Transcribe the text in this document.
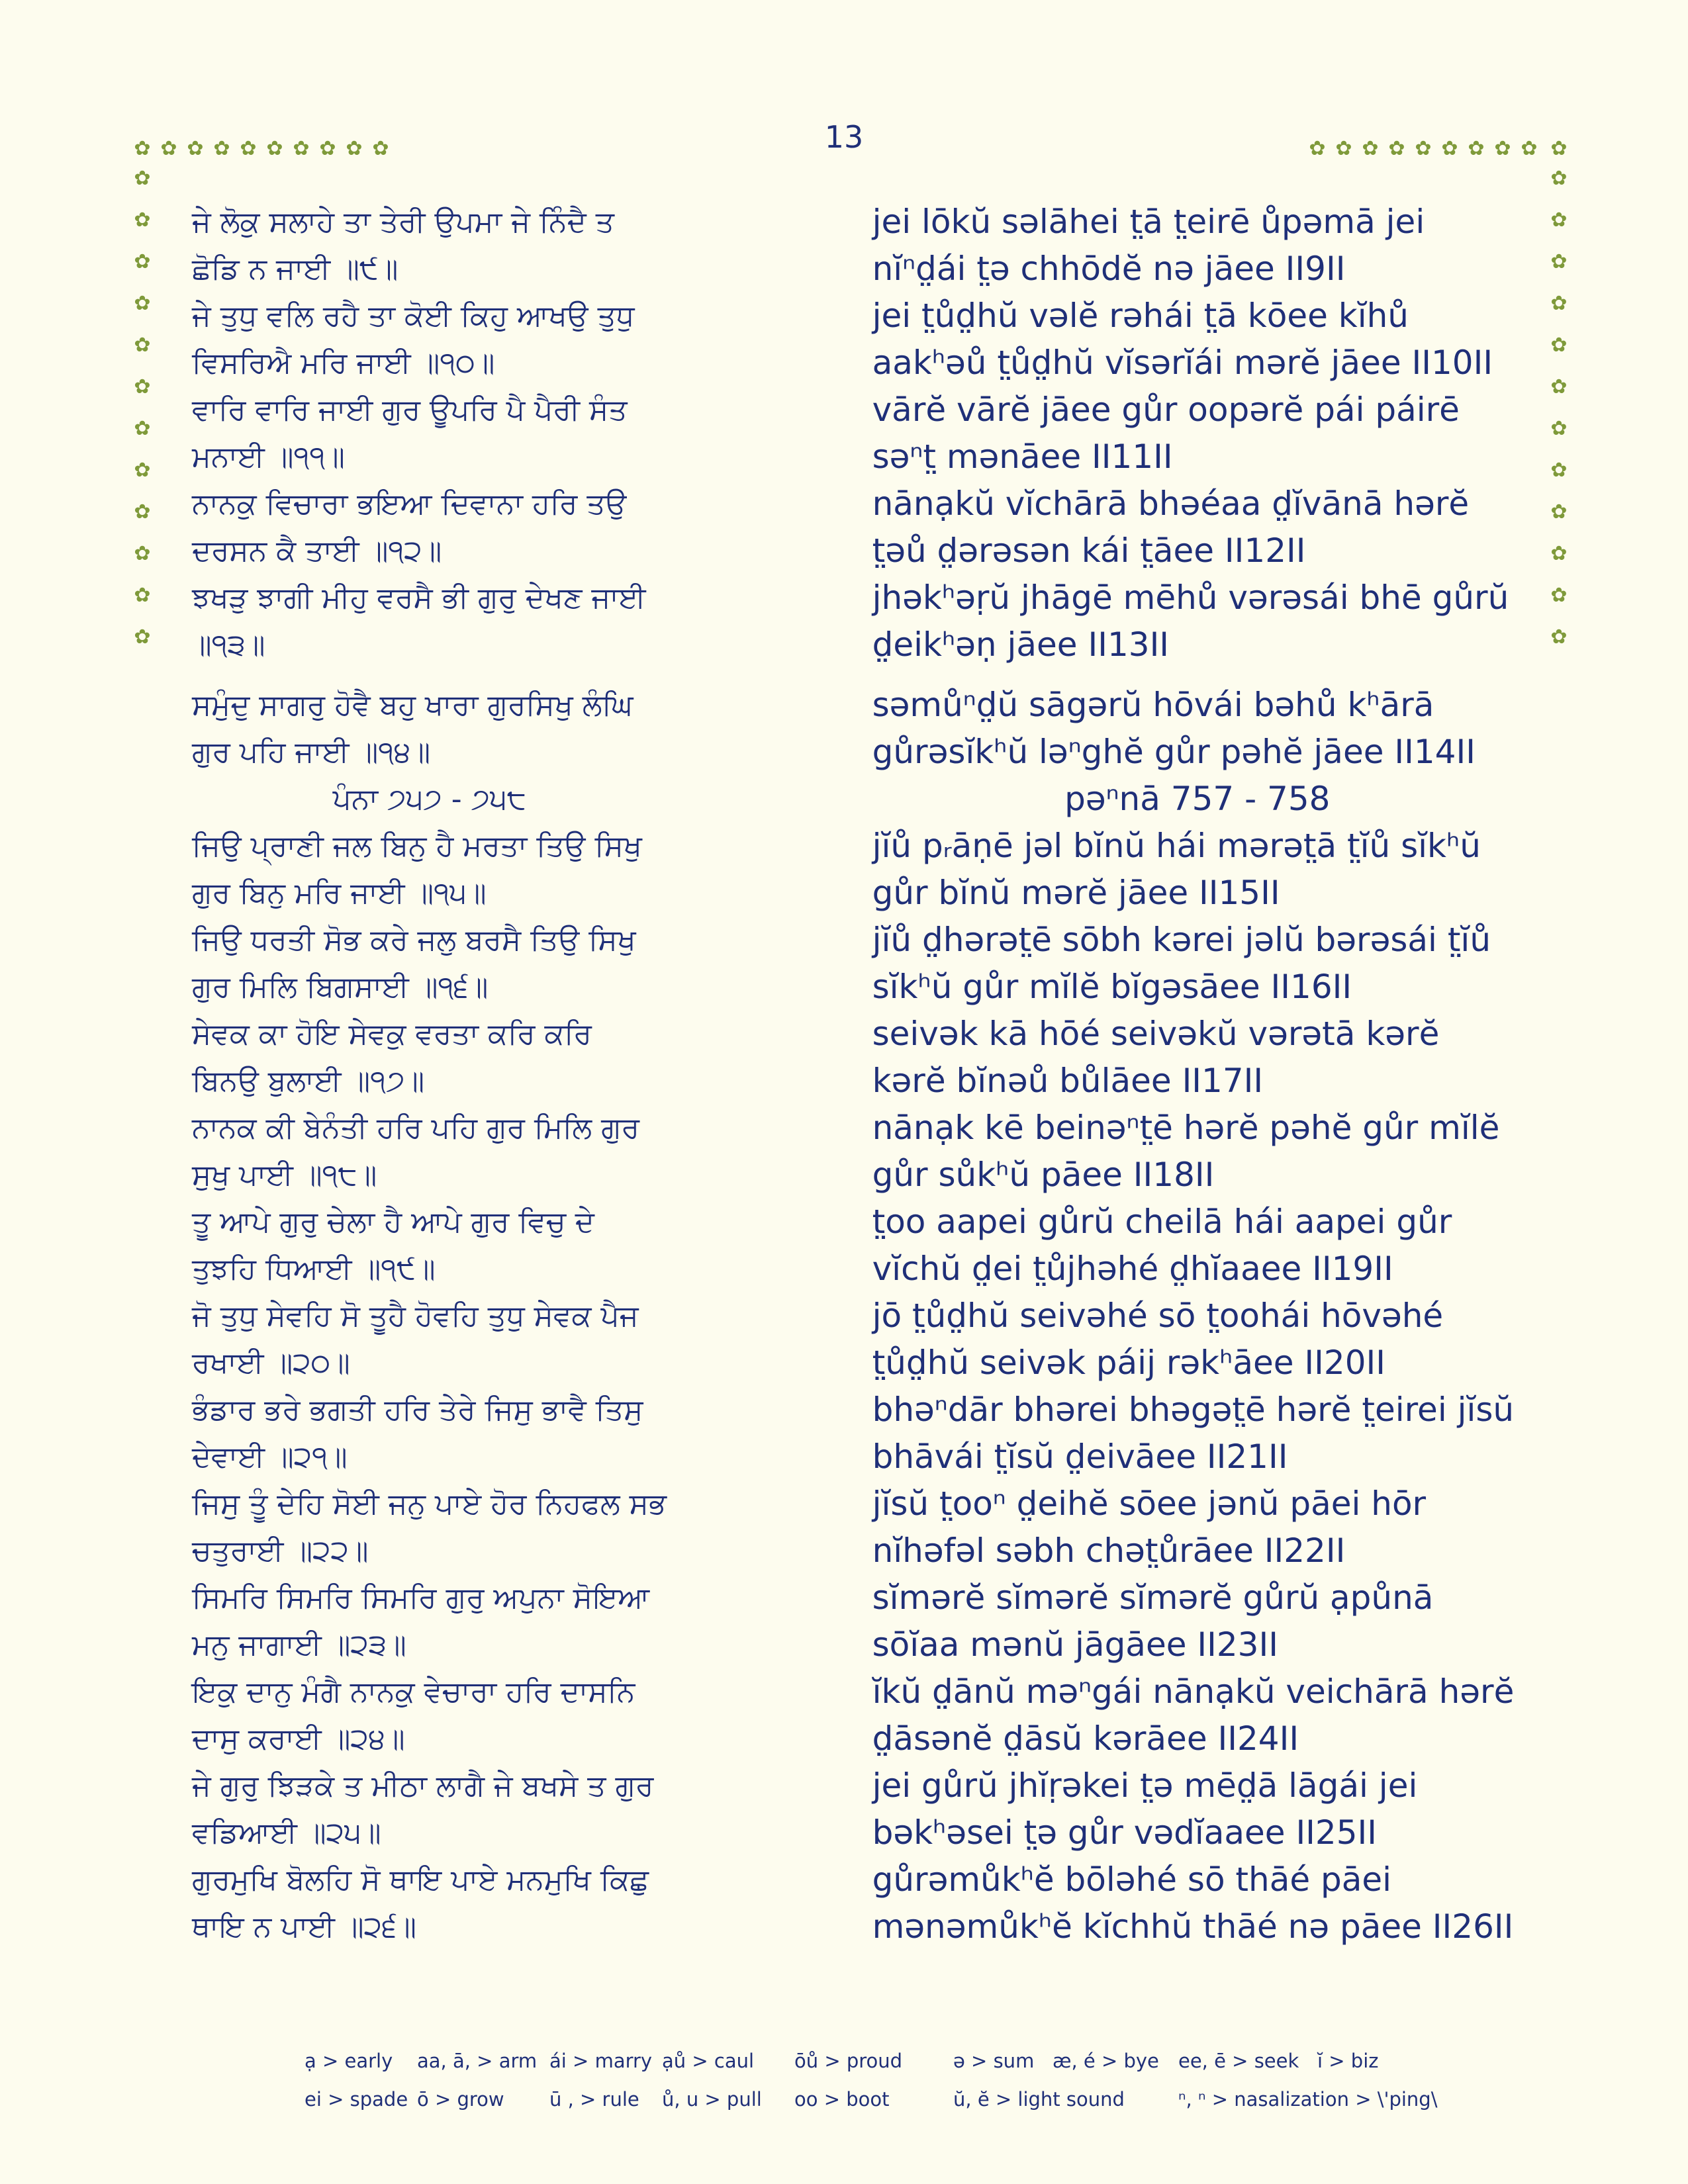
13
✿ ✿ ✿ ✿ ✿ ✿ ✿ ✿ ✿ ✿	✿ ✿ ✿ ✿ ✿ ✿ ✿ ✿ ✿ ✿
✿
✿
✿
✿
✿
✿
✿
✿
✿
✿
✿
✿
✿
✿
✿
✿
✿
✿
✿
✿
✿
✿
✿
✿
ਜੇ ਲੋਕੁ ਸਲਾਹੇ ਤਾ ਤੇਰੀ ਉਪਮਾ ਜੇ ਨਿੰਦੈ ਤ ਛੋਡਿ ਨ ਜਾਈ ॥੯॥
jei lōkŭ səlāhei t̤ā t̤eirē ůpəmā jei nĭⁿd̤ái t̤ə chhōdĕ nə jāee II9II
ਜੇ ਤੁਧੁ ਵਲਿ ਰਹੈ ਤਾ ਕੋਈ ਕਿਹੁ ਆਖਉ ਤੁਧੁ ਵਿਸਰਿਐ ਮਰਿ ਜਾਈ ॥੧੦॥
jei t̤ůd̤hŭ vəlĕ rəhái t̤ā kōee kĭhů aakʰəů t̤ůd̤hŭ vĭsərĭái mərĕ jāee II10II
ਵਾਰਿ ਵਾਰਿ ਜਾਈ ਗੁਰ ਊਪਰਿ ਪੈ ਪੈਰੀ ਸੰਤ ਮਨਾਈ ॥੧੧॥
vārĕ vārĕ jāee gůr oopərĕ pái páirē səⁿt̤ mənāee II11II
ਨਾਨਕੁ ਵਿਚਾਰਾ ਭਇਆ ਦਿਵਾਨਾ ਹਰਿ ਤਉ ਦਰਸਨ ਕੈ ਤਾਈ ॥੧੨॥
nānạkŭ vĭchārā bhəéaa d̤ĭvānā hərĕ t̤əů d̤ərəsən kái t̤āee II12II
ਝਖੜੁ ਝਾਗੀ ਮੀਹੁ ਵਰਸੈ ਭੀ ਗੁਰੁ ਦੇਖਣ ਜਾਈ ॥੧੩॥
jhəkʰəṛŭ jhāgē mēhů vərəsái bhē gůrŭ d̤eikʰəṇ jāee II13II
ਸਮੁੰਦੁ ਸਾਗਰੁ ਹੋਵੈ ਬਹੁ ਖਾਰਾ ਗੁਰਸਿਖੁ ਲੰਘਿ ਗੁਰ ਪਹਿ ਜਾਈ ॥੧੪॥
səmůⁿd̤ŭ sāgərŭ hōvái bəhů kʰārā gůrəsĭkʰŭ ləⁿghĕ gůr pəhĕ jāee II14II
ਪੰਨਾ ੭੫੭ - ੭੫੮	pəⁿnā 757 - 758
ਜਿਉ ਪ੍ਰਾਣੀ ਜਲ ਬਿਨੁ ਹੈ ਮਰਤਾ ਤਿਉ ਸਿਖੁ ਗੁਰ ਬਿਨੁ ਮਰਿ ਜਾਈ ॥੧੫॥
jĭů pᵣāṇē jəl bĭnŭ hái mərət̤ā t̤ĭů sĭkʰŭ gůr bĭnŭ mərĕ jāee II15II
ਜਿਉ ਧਰਤੀ ਸੋਭ ਕਰੇ ਜਲੁ ਬਰਸੈ ਤਿਉ ਸਿਖੁ ਗੁਰ ਮਿਲਿ ਬਿਗਸਾਈ ॥੧੬॥
jĭů d̤hərət̤ē sōbh kərei jəlŭ bərəsái t̤ĭů sĭkʰŭ gůr mĭlĕ bĭgəsāee II16II
ਸੇਵਕ ਕਾ ਹੋਇ ਸੇਵਕੁ ਵਰਤਾ ਕਰਿ ਕਰਿ ਬਿਨਉ ਬੁਲਾਈ ॥੧੭॥
seivək kā hōé seivəkŭ vərətā kərĕ kərĕ bĭnəů bůlāee II17II
ਨਾਨਕ ਕੀ ਬੇਨੰਤੀ ਹਰਿ ਪਹਿ ਗੁਰ ਮਿਲਿ ਗੁਰ ਸੁਖੁ ਪਾਈ ॥੧੮॥
nānạk kē beinəⁿt̤ē hərĕ pəhĕ gůr mĭlĕ gůr sůkʰŭ pāee II18II
ਤੂ ਆਪੇ ਗੁਰੁ ਚੇਲਾ ਹੈ ਆਪੇ ਗੁਰ ਵਿਚੁ ਦੇ ਤੁਝਹਿ ਧਿਆਈ ॥੧੯॥
t̤oo aapei gůrŭ cheilā hái aapei gůr vĭchŭ d̤ei t̤ůjhəhé d̤hĭaaee II19II
ਜੋ ਤੁਧੁ ਸੇਵਹਿ ਸੋ ਤੂਹੈ ਹੋਵਹਿ ਤੁਧੁ ਸੇਵਕ ਪੈਜ ਰਖਾਈ ॥੨੦॥
jō t̤ůd̤hŭ seivəhé sō t̤oohái hōvəhé t̤ůd̤hŭ seivək páij rəkʰāee II20II
ਭੰਡਾਰ ਭਰੇ ਭਗਤੀ ਹਰਿ ਤੇਰੇ ਜਿਸੁ ਭਾਵੈ ਤਿਸੁ ਦੇਵਾਈ ॥੨੧॥
bhəⁿdār bhərei bhəgət̤ē hərĕ t̤eirei jĭsŭ bhāvái t̤ĭsŭ d̤eivāee II21II
ਜਿਸੁ ਤੂੰ ਦੇਹਿ ਸੋਈ ਜਨੁ ਪਾਏ ਹੋਰ ਨਿਹਫਲ ਸਭ ਚਤੁਰਾਈ ॥੨੨॥
jĭsŭ t̤ooⁿ d̤eihĕ sōee jənŭ pāei hōr nĭhəfəl səbh chət̤ůrāee II22II
ਸਿਮਰਿ ਸਿਮਰਿ ਸਿਮਰਿ ਗੁਰੁ ਅਪੁਨਾ ਸੋਇਆ ਮਨੁ ਜਾਗਾਈ ॥੨੩॥
sĭmərĕ sĭmərĕ sĭmərĕ gůrŭ ạpůnā sōĭaa mənŭ jāgāee II23II
ਇਕੁ ਦਾਨੁ ਮੰਗੈ ਨਾਨਕੁ ਵੇਚਾਰਾ ਹਰਿ ਦਾਸਨਿ ਦਾਸੁ ਕਰਾਈ ॥੨੪॥
ĭkŭ d̤ānŭ məⁿgái nānạkŭ veichārā hərĕ d̤āsənĕ d̤āsŭ kərāee II24II
ਜੇ ਗੁਰੁ ਝਿੜਕੇ ਤ ਮੀਠਾ ਲਾਗੈ ਜੇ ਬਖਸੇ ਤ ਗੁਰ ਵਡਿਆਈ ॥੨੫॥
jei gůrŭ jhĭṛəkei t̤ə mēd̤ā lāgái jei bəkʰəsei t̤ə gůr vədĭaaee II25II
ਗੁਰਮੁਖਿ ਬੋਲਹਿ ਸੋ ਥਾਇ ਪਾਏ ਮਨਮੁਖਿ ਕਿਛੁ ਥਾਇ ਨ ਪਾਈ ॥੨੬॥
gůrəmůkʰĕ bōləhé sō thāé pāei mənəmůkʰĕ kĭchhŭ thāé nə pāee II26II
ạ > early	aa, ā, > arm ái > marry ạů > caul	ōů > proud	ə > sum æ, é > bye	ee, ē > seek ĭ > biz
ei > spade ō > grow	ū , > rule	ů, u > pull	oo > boot	ŭ, ĕ > light sound	ⁿ, ⁿ > nasalization > \'ping\
